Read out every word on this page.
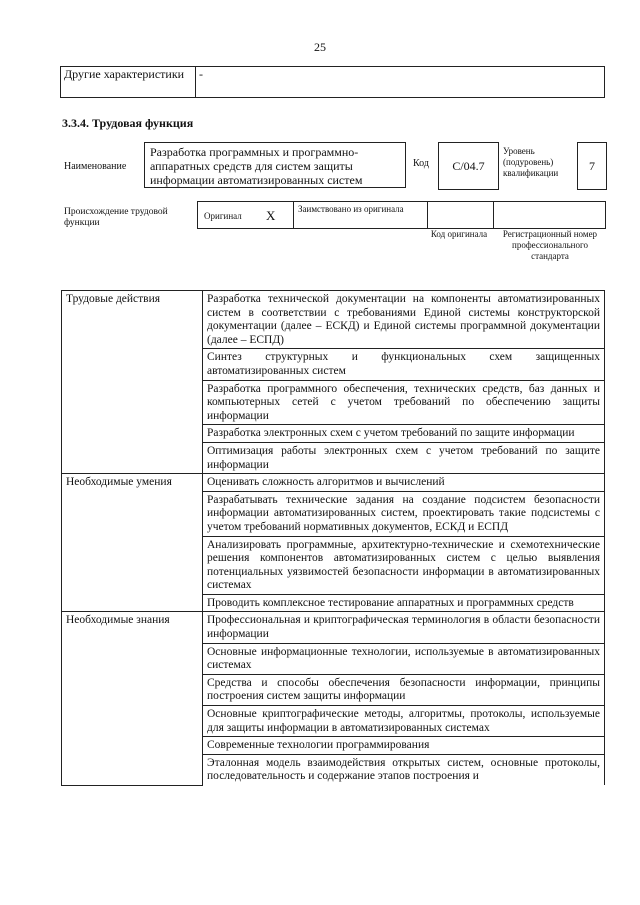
25
Другие характеристики	-
3.3.4. Трудовая функция
Наименование
Разработка программных и программно-аппаратных средств для систем защиты информации автоматизированных систем
Код	C/04.7
Уровень (подуровень) квалификации
7
Происхождение трудовой функции
Оригинал X	Заимствовано из оригинала
Код оригинала	Регистрационный номер профессионального стандарта
Трудовые действия	Разработка технической документации на компоненты автоматизированных систем в соответствии с требованиями Единой системы конструкторской документации (далее – ЕСКД) и Единой системы программной документации (далее – ЕСПД)
	Синтез структурных и функциональных схем защищенных автоматизированных систем
	Разработка программного обеспечения, технических средств, баз данных и компьютерных сетей с учетом требований по обеспечению защиты информации
	Разработка электронных схем с учетом требований по защите информации
	Оптимизация работы электронных схем с учетом требований по защите информации
Необходимые умения	Оценивать сложность алгоритмов и вычислений
	Разрабатывать технические задания на создание подсистем безопасности информации автоматизированных систем, проектировать такие подсистемы с учетом требований нормативных документов, ЕСКД и ЕСПД
	Анализировать программные, архитектурно-технические и схемотехнические решения компонентов автоматизированных систем с целью выявления потенциальных уязвимостей безопасности информации в автоматизированных системах
	Проводить комплексное тестирование аппаратных и программных средств
Необходимые знания	Профессиональная и криптографическая терминология в области безопасности информации
	Основные информационные технологии, используемые в автоматизированных системах
	Средства и способы обеспечения безопасности информации, принципы построения систем защиты информации
	Основные криптографические методы, алгоритмы, протоколы, используемые для защиты информации в автоматизированных системах
	Современные технологии программирования
	Эталонная модель взаимодействия открытых систем, основные протоколы, последовательность и содержание этапов построения и
